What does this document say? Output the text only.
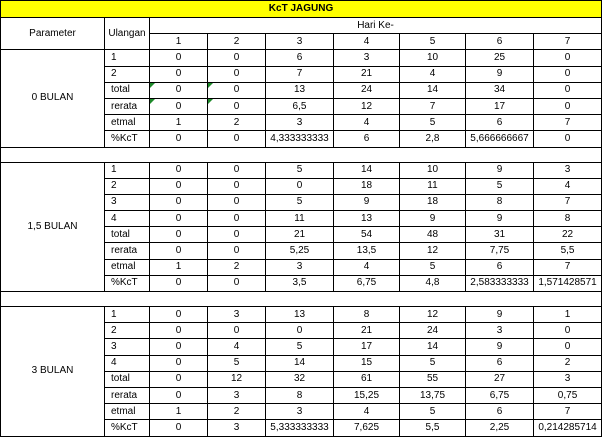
KcT JAGUNG								
Parameter	Ulangan	Hari Ke-						
		1	2	3	4	5	6	7
0 BULAN	1	0	0	6	3	10	25	0
	2	0	0	7	21	4	9	0
	total	0	0	13	24	14	34	0
	rerata	0	0	6,5	12	7	17	0
	etmal	1	2	3	4	5	6	7
	%KcT	0	0	4,333333333	6	2,8	5,666666667	0

1,5 BULAN	1	0	0	5	14	10	9	3
	2	0	0	0	18	11	5	4
	3	0	0	5	9	18	8	7
	4	0	0	11	13	9	9	8
	total	0	0	21	54	48	31	22
	rerata	0	0	5,25	13,5	12	7,75	5,5
	etmal	1	2	3	4	5	6	7
	%KcT	0	0	3,5	6,75	4,8	2,583333333	1,571428571

3 BULAN	1	0	3	13	8	12	9	1
	2	0	0	0	21	24	3	0
	3	0	4	5	17	14	9	0
	4	0	5	14	15	5	6	2
	total	0	12	32	61	55	27	3
	rerata	0	3	8	15,25	13,75	6,75	0,75
	etmal	1	2	3	4	5	6	7
	%KcT	0	3	5,333333333	7,625	5,5	2,25	0,214285714
